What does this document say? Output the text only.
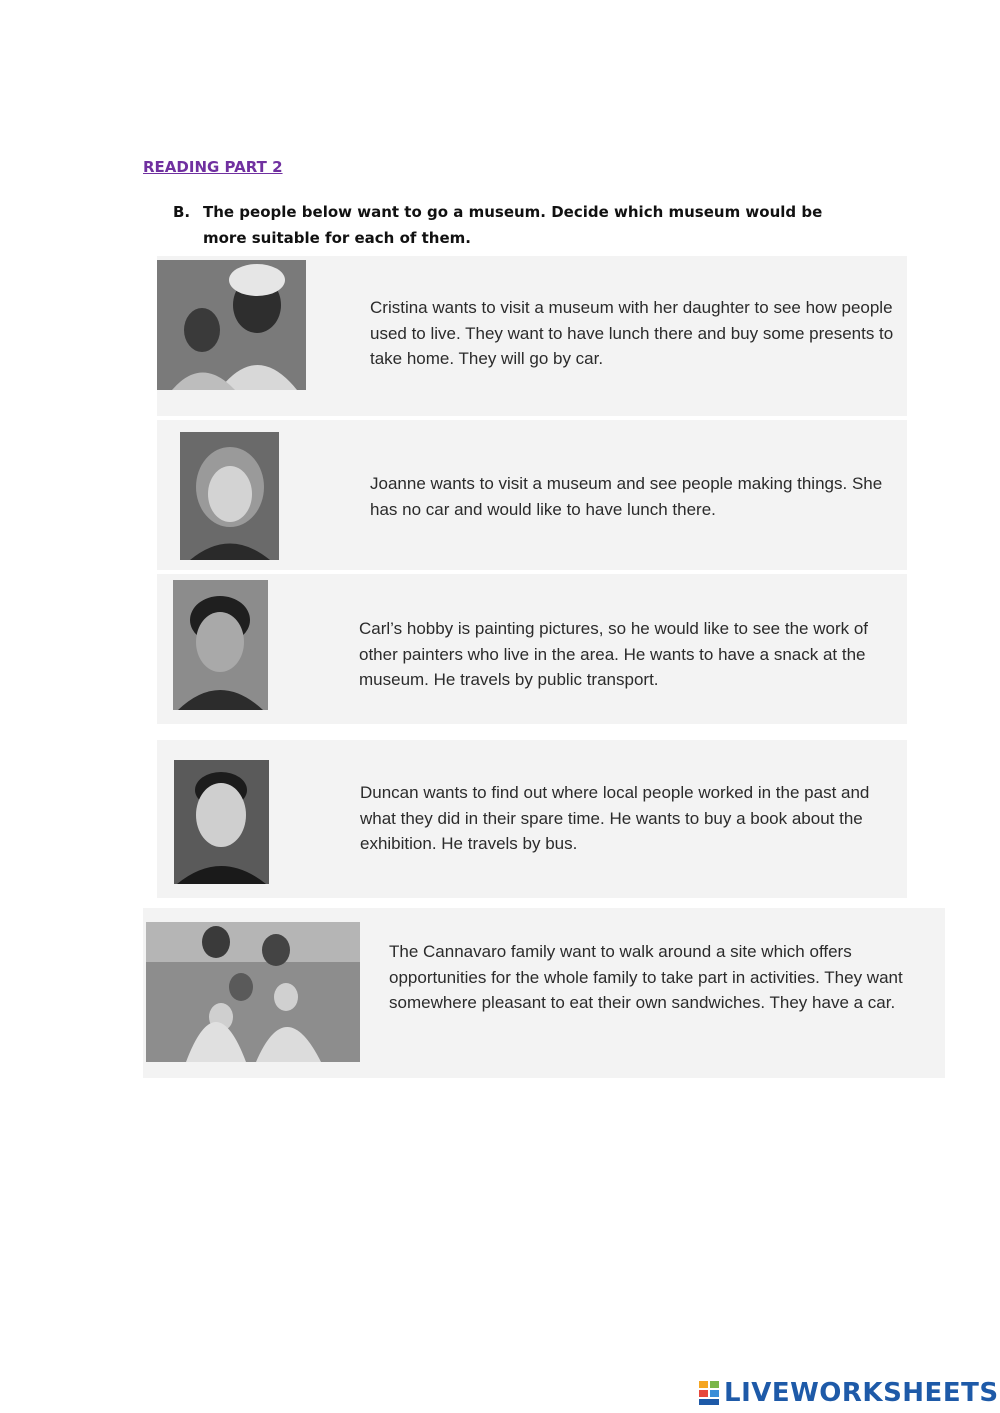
READING PART 2
B. The people below want to go a museum. Decide which museum would be more suitable for each of them.
Cristina wants to visit a museum with her daughter to see how people used to live. They want to have lunch there and buy some presents to take home. They will go by car.
Joanne wants to visit a museum and see people making things. She has no car and would like to have lunch there.
Carl’s hobby is painting pictures, so he would like to see the work of other painters who live in the area. He wants to have a snack at the museum. He travels by public transport.
Duncan wants to find out where local people worked in the past and what they did in their spare time. He wants to buy a book about the exhibition. He travels by bus.
The Cannavaro family want to walk around a site which offers opportunities for the whole family to take part in activities. They want somewhere pleasant to eat their own sandwiches. They have a car.
LIVEWORKSHEETS
